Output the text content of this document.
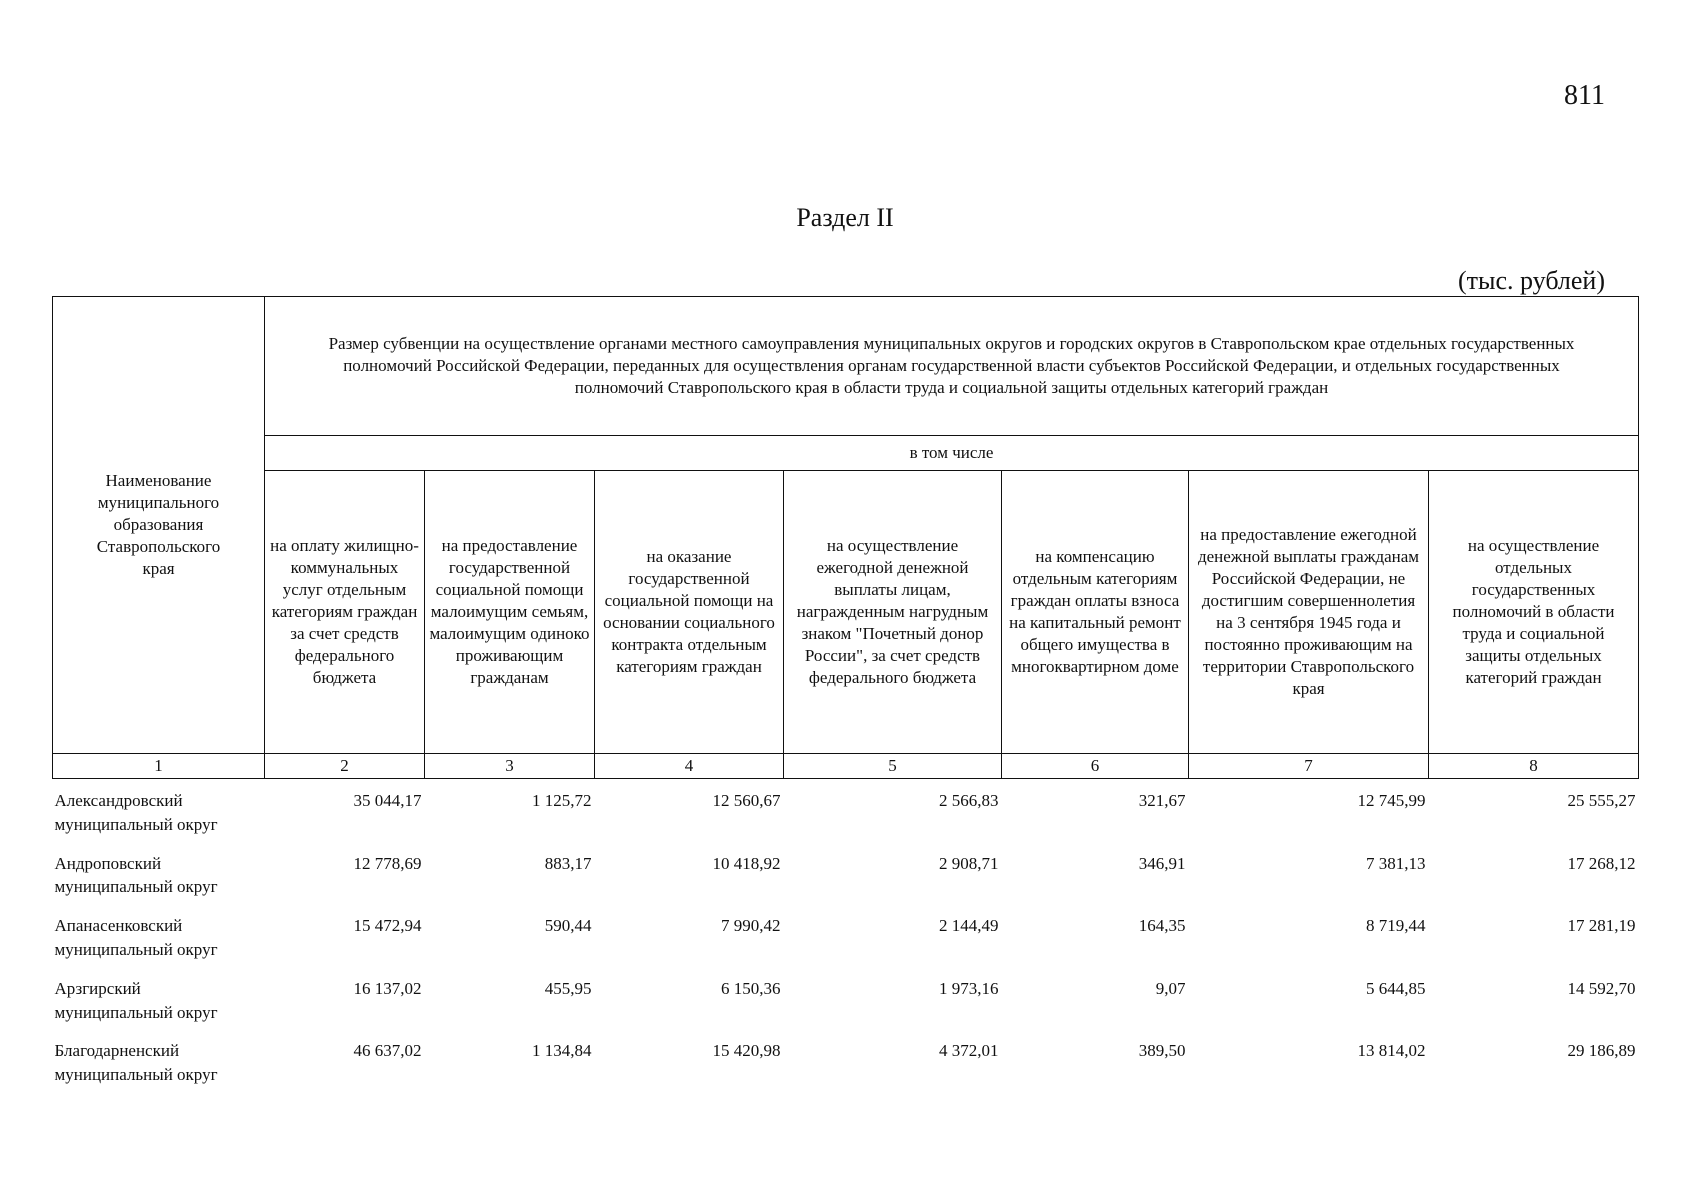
811
Раздел II
(тыс. рублей)
Наименование муниципального образования Ставропольского края	Размер субвенции на осуществление органами местного самоуправления муниципальных округов и городских округов в Ставропольском крае отдельных государственных полномочий Российской Федерации, переданных для осуществления органам государственной власти субъектов Российской Федерации, и отдельных государственных полномочий Ставропольского края в области труда и социальной защиты отдельных категорий граждан						
	в том числе						
	на оплату жилищно-коммунальных услуг отдельным категориям граждан за счет средств федерального бюджета	на предоставление государственной социальной помощи малоимущим семьям, малоимущим одиноко проживающим гражданам	на оказание государственной социальной помощи на основании социального контракта отдельным категориям граждан	на осуществление ежегодной денежной выплаты лицам, награжденным нагрудным знаком "Почетный донор России", за счет средств федерального бюджета	на компенсацию отдельным категориям граждан оплаты взноса на капитальный ремонт общего имущества в многоквартирном доме	на предоставление ежегодной денежной выплаты гражданам Российской Федерации, не достигшим совершеннолетия на 3 сентября 1945 года и постоянно проживающим на территории Ставропольского края	на осуществление отдельных государственных полномочий в области труда и социальной защиты отдельных категорий граждан
1	2	3	4	5	6	7	8
Александровский муниципальный округ	35 044,17	1 125,72	12 560,67	2 566,83	321,67	12 745,99	25 555,27
Андроповский муниципальный округ	12 778,69	883,17	10 418,92	2 908,71	346,91	7 381,13	17 268,12
Апанасенковский муниципальный округ	15 472,94	590,44	7 990,42	2 144,49	164,35	8 719,44	17 281,19
Арзгирский муниципальный округ	16 137,02	455,95	6 150,36	1 973,16	9,07	5 644,85	14 592,70
Благодарненский муниципальный округ	46 637,02	1 134,84	15 420,98	4 372,01	389,50	13 814,02	29 186,89
